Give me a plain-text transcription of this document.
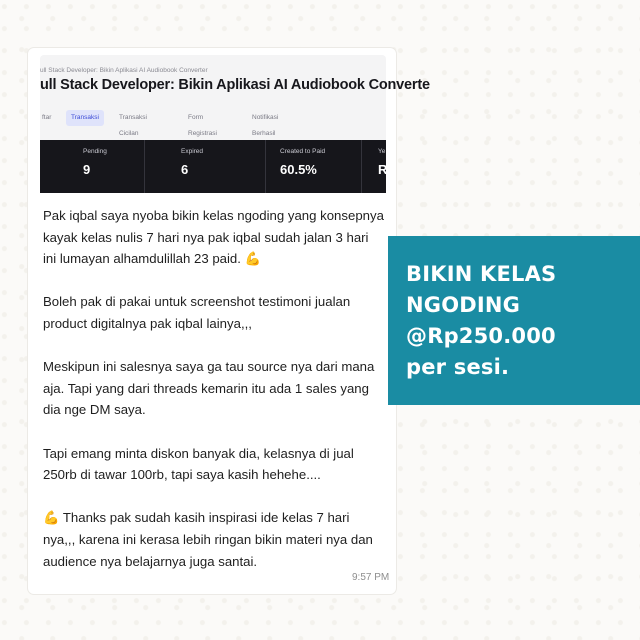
ull Stack Developer: Bikin Aplikasi AI Audiobook Converter
ull Stack Developer: Bikin Aplikasi AI Audiobook Converte
ftar	Transaksi	Transaksi Cicilan
Form Registrasi
Notifikasi Berhasil
Pending
9
Expired
6
Created to Paid
60.5%
Ye
R

Pak iqbal saya nyoba bikin kelas ngoding yang konsepnya kayak kelas nulis 7 hari nya pak iqbal sudah jalan 3 hari ini lumayan alhamdulillah 23 paid. 💪

Boleh pak di pakai untuk screenshot testimoni jualan product digitalnya pak iqbal lainya,,,

Meskipun ini salesnya saya ga tau source nya dari mana aja. Tapi yang dari threads kemarin itu ada 1 sales yang dia nge DM saya.

Tapi emang minta diskon banyak dia, kelasnya di jual 250rb di tawar 100rb, tapi saya kasih hehehe....

💪 Thanks pak sudah kasih inspirasi ide kelas 7 hari nya,,, karena ini kerasa lebih ringan bikin materi nya dan audience nya belajarnya juga santai.

9:57 PM
BIKIN KELAS
NGODING
@Rp250.000
per sesi.
